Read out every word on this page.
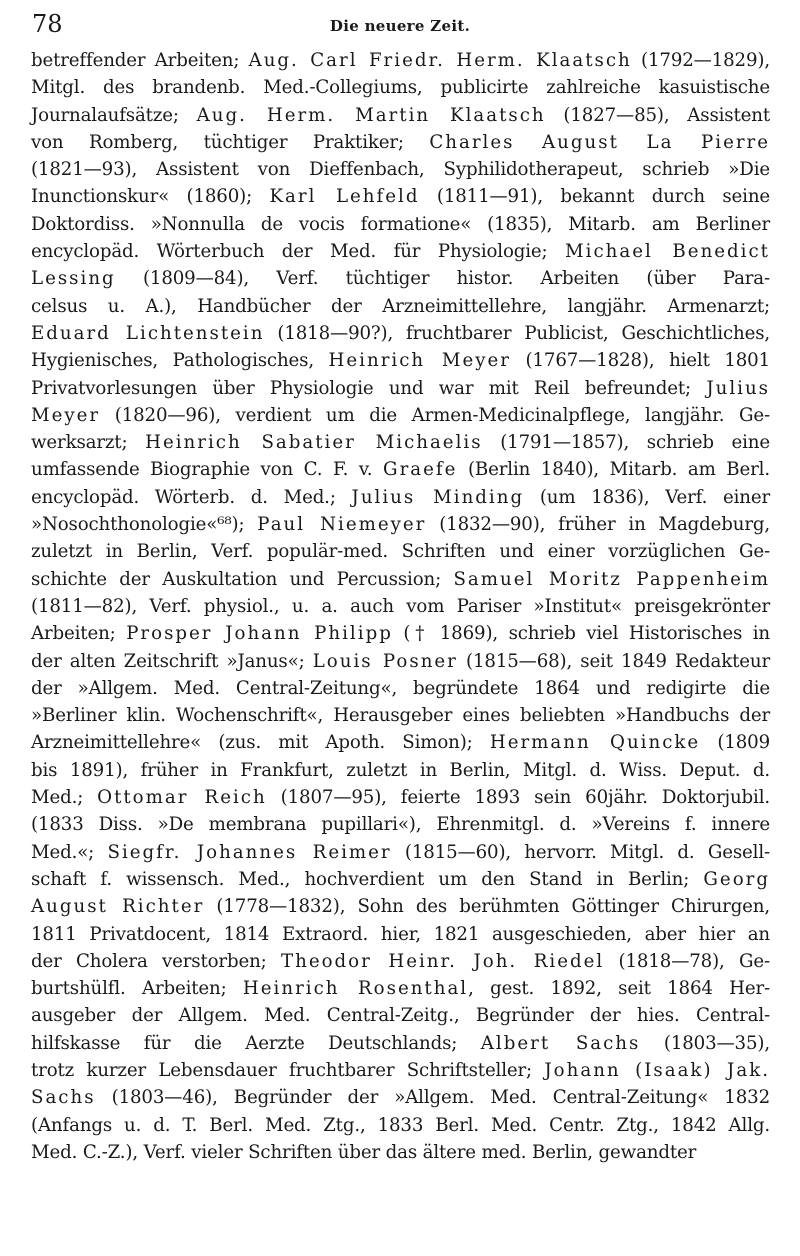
78	Die neuere Zeit.
betreffender Arbeiten; Aug. Carl Friedr. Herm. Klaatsch (1792—1829),
Mitgl. des brandenb. Med.-Collegiums, publicirte zahlreiche kasuistische
Journalaufsätze; Aug. Herm. Martin Klaatsch (1827—85), Assistent
von Romberg, tüchtiger Praktiker; Charles August La Pierre
(1821—93), Assistent von Dieffenbach, Syphilidotherapeut, schrieb »Die
Inunctionskur« (1860); Karl Lehfeld (1811—91), bekannt durch seine
Doktordiss. »Nonnulla de vocis formatione« (1835), Mitarb. am Berliner
encyclopäd. Wörterbuch der Med. für Physiologie; Michael Benedict
Lessing (1809—84), Verf. tüchtiger histor. Arbeiten (über Para-
celsus u. A.), Handbücher der Arzneimittellehre, langjähr. Armenarzt;
Eduard Lichtenstein (1818—90?), fruchtbarer Publicist, Geschichtliches,
Hygienisches, Pathologisches, Heinrich Meyer (1767—1828), hielt 1801
Privatvorlesungen über Physiologie und war mit Reil befreundet; Julius
Meyer (1820—96), verdient um die Armen-Medicinalpflege, langjähr. Ge-
werksarzt; Heinrich Sabatier Michaelis (1791—1857), schrieb eine
umfassende Biographie von C. F. v. Graefe (Berlin 1840), Mitarb. am Berl.
encyclopäd. Wörterb. d. Med.; Julius Minding (um 1836), Verf. einer
»Nosochthonologie«⁶⁸); Paul Niemeyer (1832—90), früher in Magdeburg,
zuletzt in Berlin, Verf. populär-med. Schriften und einer vorzüglichen Ge-
schichte der Auskultation und Percussion; Samuel Moritz Pappenheim
(1811—82), Verf. physiol., u. a. auch vom Pariser »Institut« preisgekrönter
Arbeiten; Prosper Johann Philipp († 1869), schrieb viel Historisches in
der alten Zeitschrift »Janus«; Louis Posner (1815—68), seit 1849 Redakteur
der »Allgem. Med. Central-Zeitung«, begründete 1864 und redigirte die
»Berliner klin. Wochenschrift«, Herausgeber eines beliebten »Handbuchs der
Arzneimittellehre« (zus. mit Apoth. Simon); Hermann Quincke (1809
bis 1891), früher in Frankfurt, zuletzt in Berlin, Mitgl. d. Wiss. Deput. d.
Med.; Ottomar Reich (1807—95), feierte 1893 sein 60jähr. Doktorjubil.
(1833 Diss. »De membrana pupillari«), Ehrenmitgl. d. »Vereins f. innere
Med.«; Siegfr. Johannes Reimer (1815—60), hervorr. Mitgl. d. Gesell-
schaft f. wissensch. Med., hochverdient um den Stand in Berlin; Georg
August Richter (1778—1832), Sohn des berühmten Göttinger Chirurgen,
1811 Privatdocent, 1814 Extraord. hier, 1821 ausgeschieden, aber hier an
der Cholera verstorben; Theodor Heinr. Joh. Riedel (1818—78), Ge-
burtshülfl. Arbeiten; Heinrich Rosenthal, gest. 1892, seit 1864 Her-
ausgeber der Allgem. Med. Central-Zeitg., Begründer der hies. Central-
hilfskasse für die Aerzte Deutschlands; Albert Sachs (1803—35),
trotz kurzer Lebensdauer fruchtbarer Schriftsteller; Johann (Isaak) Jak.
Sachs (1803—46), Begründer der »Allgem. Med. Central-Zeitung« 1832
(Anfangs u. d. T. Berl. Med. Ztg., 1833 Berl. Med. Centr. Ztg., 1842 Allg.
Med. C.-Z.), Verf. vieler Schriften über das ältere med. Berlin, gewandter
